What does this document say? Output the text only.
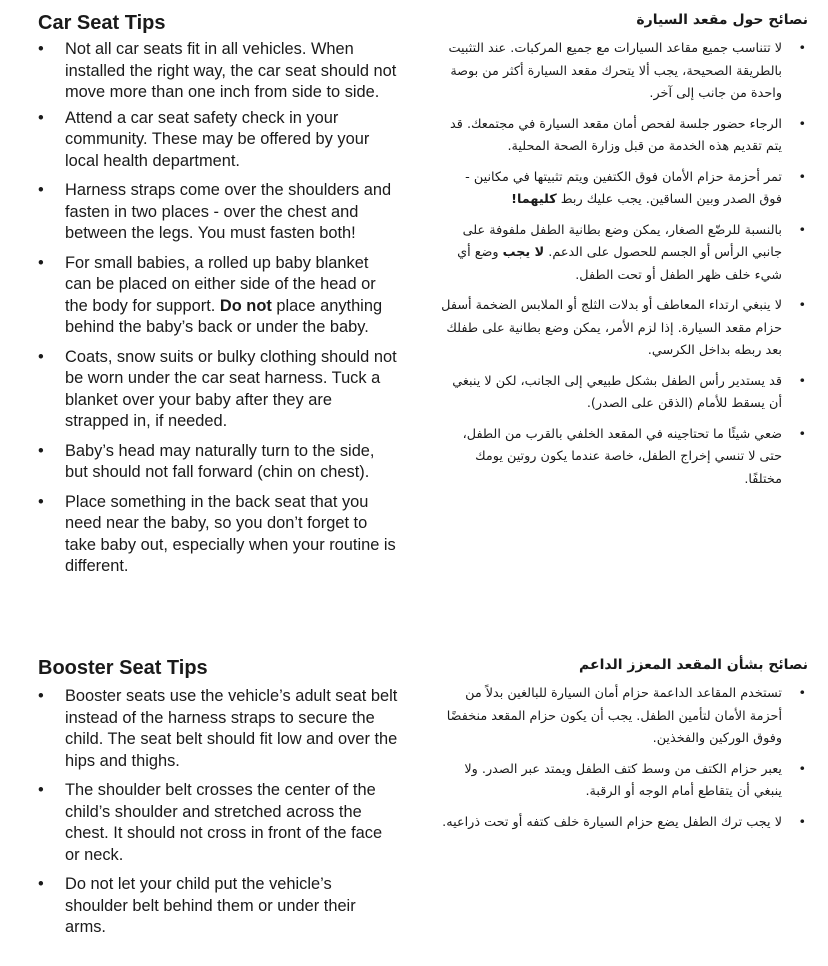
Car Seat Tips
• Not all car seats fit in all vehicles. When installed the right way, the car seat should not move more than one inch from side to side.
• Attend a car seat safety check in your community. These may be offered by your local health department.
• Harness straps come over the shoulders and fasten in two places - over the chest and between the legs. You must fasten both!
• For small babies, a rolled up baby blanket can be placed on either side of the head or the body for support. Do not place anything behind the baby’s back or under the baby.
• Coats, snow suits or bulky clothing should not be worn under the car seat harness. Tuck a blanket over your baby after they are strapped in, if needed.
• Baby’s head may naturally turn to the side, but should not fall forward (chin on chest).
• Place something in the back seat that you need near the baby, so you don’t forget to take baby out, especially when your routine is different.
Booster Seat Tips
• Booster seats use the vehicle’s adult seat belt instead of the harness straps to secure the child. The seat belt should fit low and over the hips and thighs.
• The shoulder belt crosses the center of the child’s shoulder and stretched across the chest. It should not cross in front of the face or neck.
• Do not let your child put the vehicle’s shoulder belt behind them or under their arms.
نصائح حول مقعد السيارة
•
لا تتناسب جميع مقاعد السيارات مع جميع المركبات. عند التثبيت بالطريقة الصحيحة، يجب ألا يتحرك مقعد السيارة أكثر من بوصة واحدة من جانب إلى آخر.
•
الرجاء حضور جلسة لفحص أمان مقعد السيارة في مجتمعك. قد يتم تقديم هذه الخدمة من قبل وزارة الصحة المحلية.
•
تمر أحزمة حزام الأمان فوق الكتفين ويتم تثبيتها في مكانين - فوق الصدر وبين الساقين. يجب عليك ربط كليهما!
•
بالنسبة للرضّع الصغار، يمكن وضع بطانية الطفل ملفوفة على جانبي الرأس أو الجسم للحصول على الدعم. لا يجب وضع أي شيء خلف ظهر الطفل أو تحت الطفل.
•
لا ينبغي ارتداء المعاطف أو بدلات الثلج أو الملابس الضخمة أسفل حزام مقعد السيارة. إذا لزم الأمر، يمكن وضع بطانية على طفلك بعد ربطه بداخل الكرسي.
•
قد يستدير رأس الطفل بشكل طبيعي إلى الجانب، لكن لا ينبغي أن يسقط للأمام (الذقن على الصدر).
•
ضعي شيئًا ما تحتاجينه في المقعد الخلفي بالقرب من الطفل، حتى لا تنسي إخراج الطفل، خاصة عندما يكون روتين يومك مختلفًا.
نصائح بشأن المقعد المعزز الداعم
•
تستخدم المقاعد الداعمة حزام أمان السيارة للبالغين بدلاً من أحزمة الأمان لتأمين الطفل. يجب أن يكون حزام المقعد منخفضًا وفوق الوركين والفخذين.
•
يعبر حزام الكتف من وسط كتف الطفل ويمتد عبر الصدر. ولا ينبغي أن يتقاطع أمام الوجه أو الرقبة.
•
لا يجب ترك الطفل يضع حزام السيارة خلف كتفه أو تحت ذراعيه.
